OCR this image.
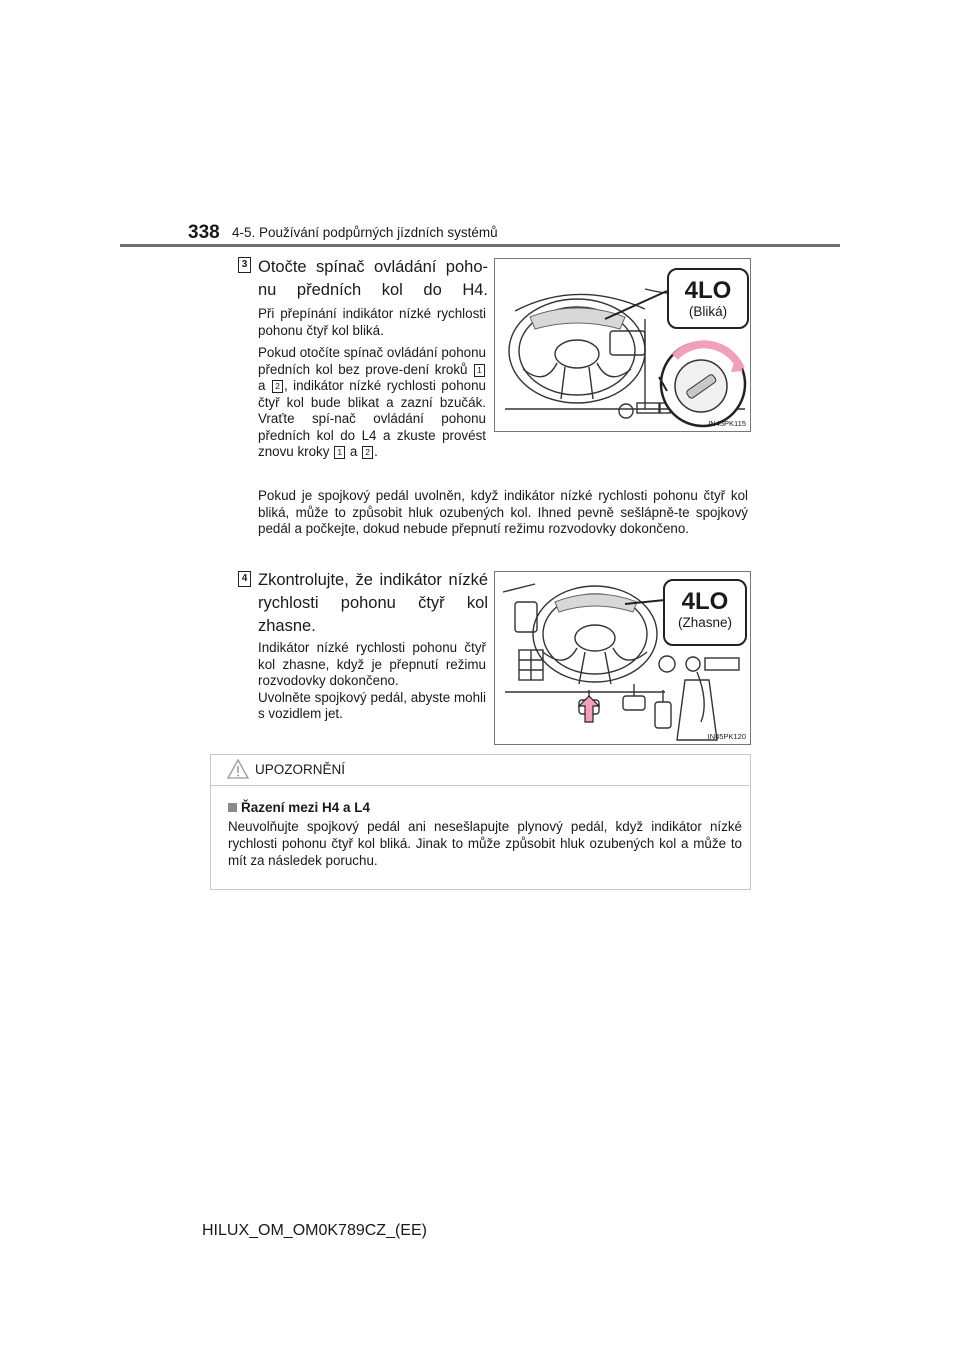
338 4-5. Používání podpůrných jízdních systémů
3 Otočte spínač ovládání poho-nu předních kol do H4.

Při přepínání indikátor nízké rychlosti pohonu čtyř kol bliká.

Pokud otočíte spínač ovládání pohonu předních kol bez prove-dení kroků 1 a 2 , indikátor nízké rychlosti pohonu čtyř kol bude blikat a zazní bzučák. Vraťte spí-nač ovládání pohonu předních kol do L4 a zkuste provést znovu kroky 1 a 2 .

4LO
(Bliká)
IN45PK115
Pokud je spojkový pedál uvolněn, když indikátor nízké rychlosti pohonu čtyř kol bliká, může to způsobit hluk ozubených kol. Ihned pevně sešlápně-te spojkový pedál a počkejte, dokud nebude přepnutí režimu rozvodovky dokončeno.
4 Zkontrolujte, že indikátor nízké rychlosti pohonu čtyř kol zhasne.

Indikátor nízké rychlosti pohonu čtyř kol zhasne, když je přepnutí režimu rozvodovky dokončeno.

Uvolněte spojkový pedál, abyste mohli s vozidlem jet.

4LO
(Zhasne)
IN45PK120
UPOZORNĚNÍ
Řazení mezi H4 a L4
Neuvolňujte spojkový pedál ani nesešlapujte plynový pedál, když indikátor nízké rychlosti pohonu čtyř kol bliká. Jinak to může způsobit hluk ozubených kol a může to mít za následek poruchu.
HILUX_OM_OM0K789CZ_(EE)
